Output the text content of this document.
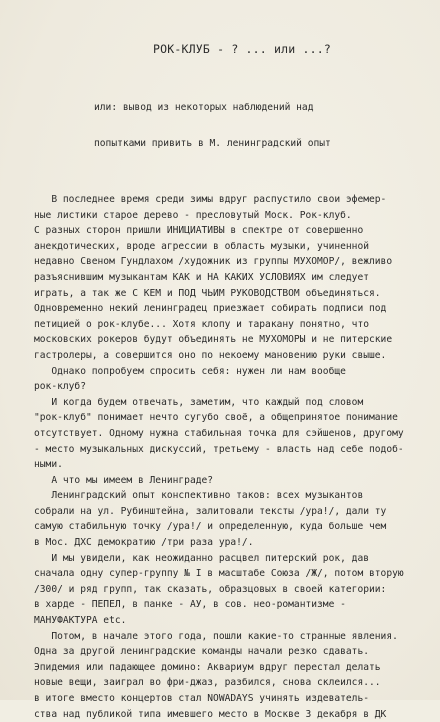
РОК-КЛУБ - ? ... или ...?

или: вывод из некоторых наблюдений над

попытками привить в М. ленинградский опыт

В последнее время среди зимы вдруг распустило свои эфемер-
ные листики старое дерево - пресловутый Моск. Рок-клуб.
С разных сторон пришли ИНИЦИАТИВЫ в спектре от совершенно
анекдотических, вроде агрессии в область музыки, учиненной
недавно Свеном Гундлахом /художник из группы МУХОМОР/, вежливо
разъяснившим музыкантам КАК и НА КАКИХ УСЛОВИЯХ им следует
играть, а так же С КЕМ и ПОД ЧЬИМ РУКОВОДСТВОМ объединяться.
Одновременно некий ленинградец приезжает собирать подписи под
петицией о рок-клубе... Хотя клопу и таракану понятно, что
московских рокеров будут объединять не МУХОМОРЫ и не питерские
гастролеры, а совершится оно по некоему мановению руки свыше.
Однако попробуем спросить себя: нужен ли нам вообще
рок-клуб?
И когда будем отвечать, заметим, что каждый под словом
"рок-клуб" понимает нечто сугубо своё, а общепринятое понимание
отсутствует. Одному нужна стабильная точка для сэйшенов, другому
- место музыкальных дискуссий, третьему - власть над себе подоб-
ными.
А что мы имеем в Ленинграде?
Ленинградский опыт конспективно таков: всех музыкантов
собрали на ул. Рубинштейна, залитовали тексты /ура!/, дали ту
самую стабильную точку /ура!/ и определенную, куда больше чем
в Мос. ДХС демократию /три раза ура!/.
И мы увидели, как неожиданно расцвел питерский рок, дав
сначала одну супер-группу № I в масштабе Союза /Ж/, потом вторую
/300/ и ряд групп, так сказать, образцовых в своей категории:
в харде - ПЕПЕЛ, в панке - АУ, в сов. нео-романтизме -
МАНУФАКТУРА etc.
Потом, в начале этого года, пошли какие-то странные явления.
Одна за другой ленинградские команды начали резко сдавать.
Эпидемия или падающее домино: Аквариум вдруг перестал делать
новые вещи, заиграл во фри-джаз, разбился, снова склеился...
в итоге вместо концертов стал NOWADAYS учинять издеватель-
ства над публикой типа имевшего место в Москве 3 декабря в ДК
